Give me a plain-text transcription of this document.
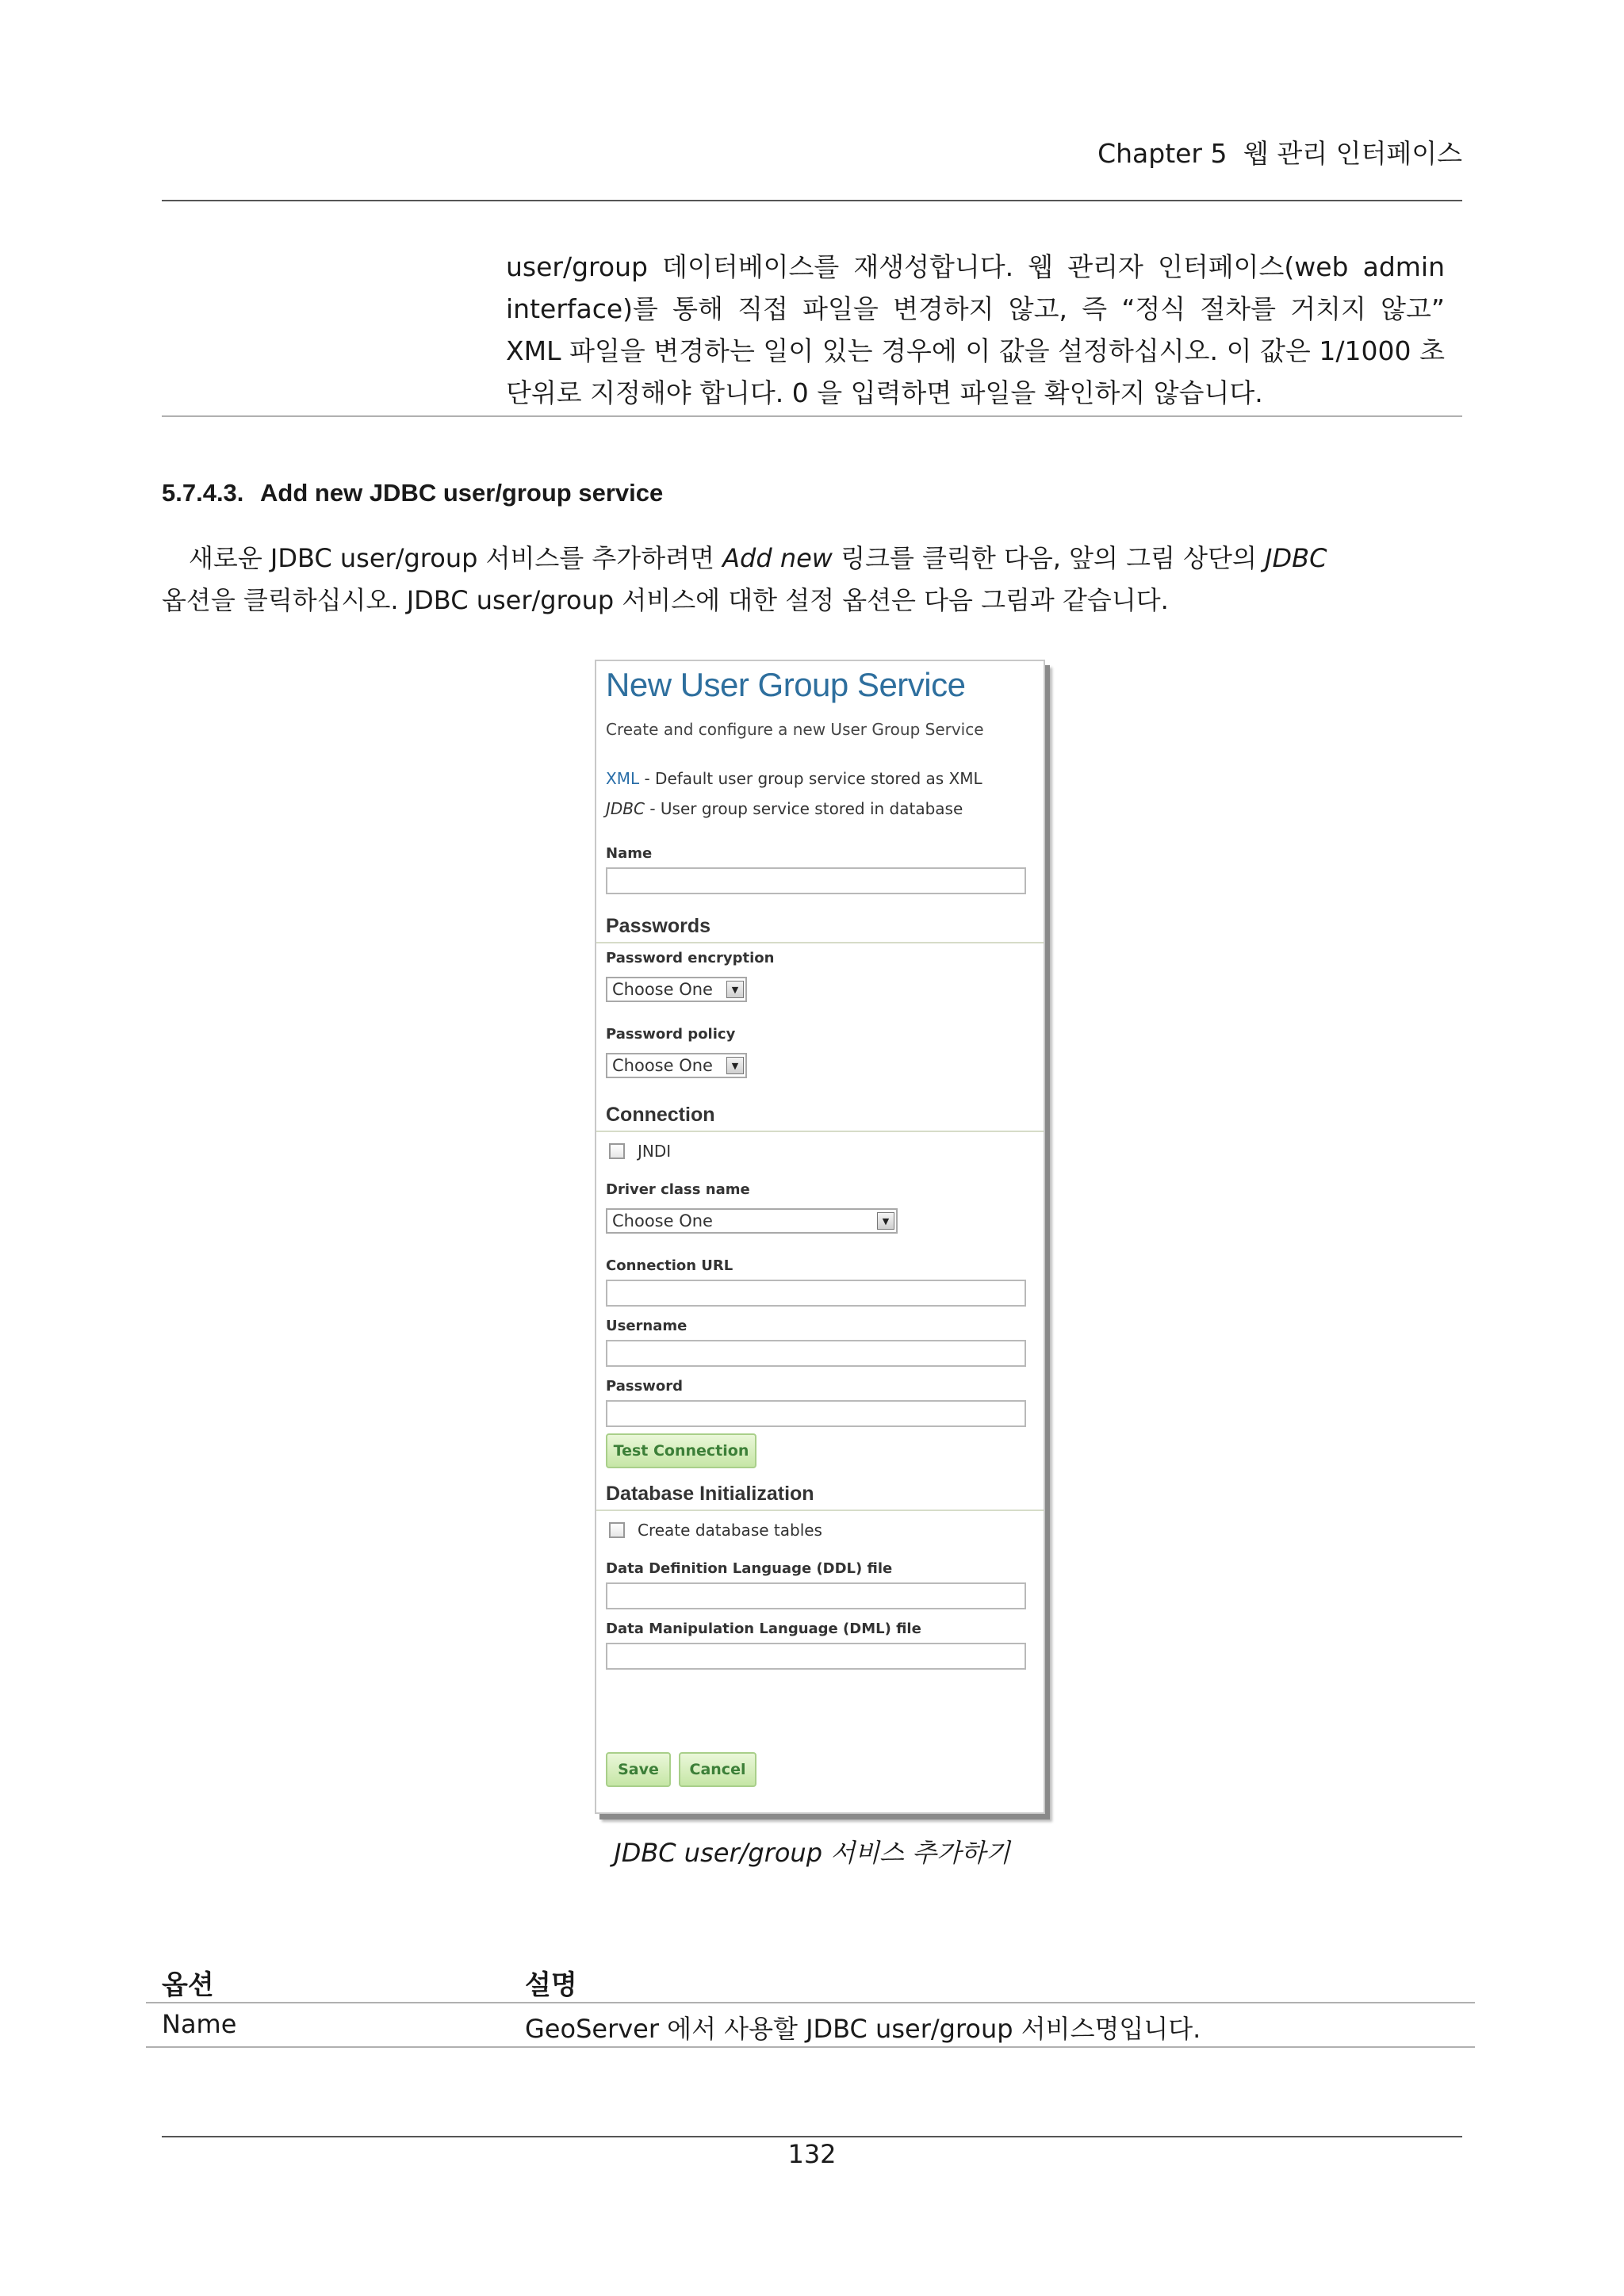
Chapter 5 웹 관리 인터페이스
user/group 데이터베이스를 재생성합니다. 웹 관리자 인터페이스(web admin interface)를 통해 직접 파일을 변경하지 않고, 즉 “정식 절차를 거치지 않고” XML 파일을 변경하는 일이 있는 경우에 이 값을 설정하십시오. 이 값은 1/1000 초 단위로 지정해야 합니다. 0 을 입력하면 파일을 확인하지 않습니다.
5.7.4.3. Add new JDBC user/group service

새로운 JDBC user/group 서비스를 추가하려면 Add new 링크를 클릭한 다음, 앞의 그림 상단의 JDBC

옵션을 클릭하십시오. JDBC user/group 서비스에 대한 설정 옵션은 다음 그림과 같습니다.

New User Group Service
Create and configure a new User Group Service
XML - Default user group service stored as XML
JDBC - User group service stored in database
Name
Passwords
Password encryption
Choose One	▼
Password policy
Choose One	▼
Connection
JNDI
Driver class name
Choose One	▼
Connection URL
Username
Password
Test Connection
Database Initialization
Create database tables
Data Definition Language (DDL) file
Data Manipulation Language (DML) file
Save	Cancel
JDBC user/group 서비스 추가하기
옵션	설명
Name	GeoServer 에서 사용할 JDBC user/group 서비스명입니다.
132
